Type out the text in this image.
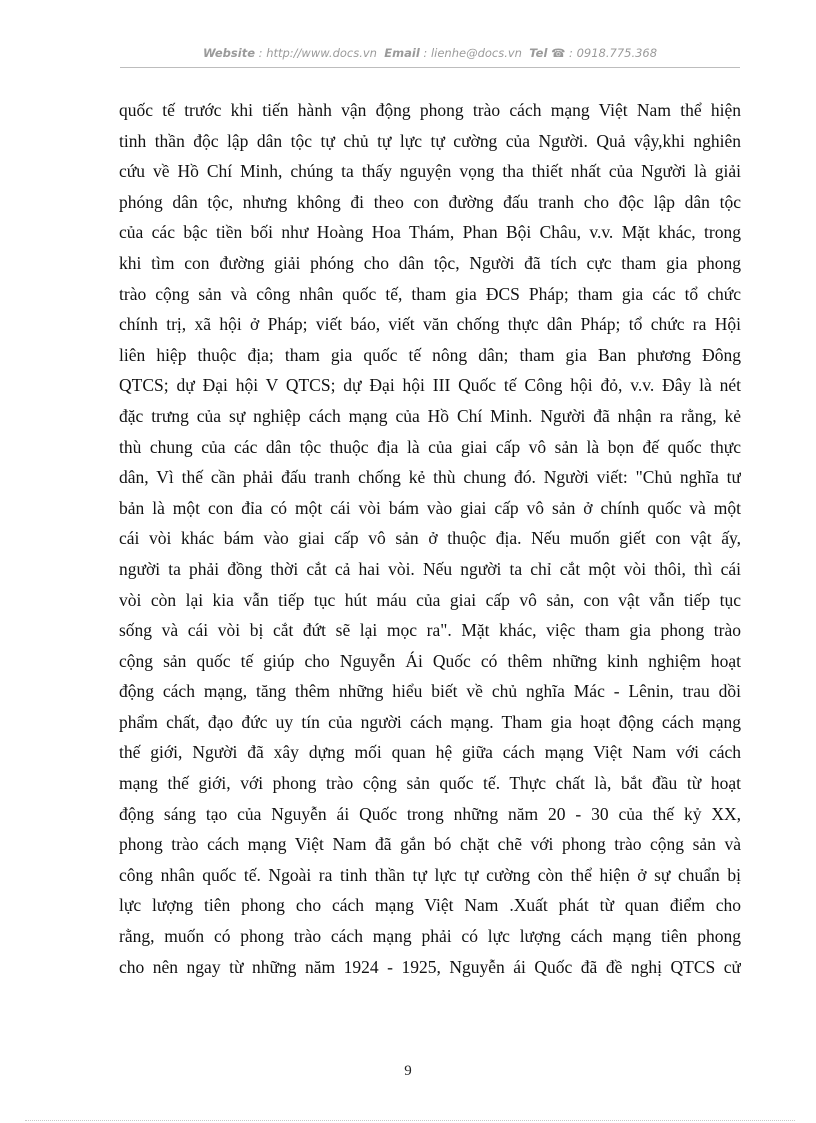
Website : http://www.docs.vn Email : lienhe@docs.vn Tel ☎ : 0918.775.368
quốc tế trước khi tiến hành vận động phong trào cách mạng Việt Nam thể hiện
tinh thần độc lập dân tộc tự chủ tự lực tự cường của Người. Quả vậy,khi nghiên
cứu về Hồ Chí Minh, chúng ta thấy nguyện vọng tha thiết nhất của Người là giải
phóng dân tộc, nhưng không đi theo con đường đấu tranh cho độc lập dân tộc
của các bậc tiền bối như Hoàng Hoa Thám, Phan Bội Châu, v.v. Mặt khác, trong
khi tìm con đường giải phóng cho dân tộc, Người đã tích cực tham gia phong
trào cộng sản và công nhân quốc tế, tham gia ĐCS Pháp; tham gia các tổ chức
chính trị, xã hội ở Pháp; viết báo, viết văn chống thực dân Pháp; tổ chức ra Hội
liên hiệp thuộc địa; tham gia quốc tế nông dân; tham gia Ban phương Đông
QTCS; dự Đại hội V QTCS; dự Đại hội III Quốc tế Công hội đỏ, v.v. Đây là nét
đặc trưng của sự nghiệp cách mạng của Hồ Chí Minh. Người đã nhận ra rằng, kẻ
thù chung của các dân tộc thuộc địa là của giai cấp vô sản là bọn đế quốc thực
dân, Vì thế cần phải đấu tranh chống kẻ thù chung đó. Người viết: "Chủ nghĩa tư
bản là một con đỉa có một cái vòi bám vào giai cấp vô sản ở chính quốc và một
cái vòi khác bám vào giai cấp vô sản ở thuộc địa. Nếu muốn giết con vật ấy,
người ta phải đồng thời cắt cả hai vòi. Nếu người ta chỉ cắt một vòi thôi, thì cái
vòi còn lại kia vẫn tiếp tục hút máu của giai cấp vô sản, con vật vẫn tiếp tục
sống và cái vòi bị cắt đứt sẽ lại mọc ra". Mặt khác, việc tham gia phong trào
cộng sản quốc tế giúp cho Nguyễn Ái Quốc có thêm những kinh nghiệm hoạt
động cách mạng, tăng thêm những hiểu biết về chủ nghĩa Mác - Lênin, trau dồi
phẩm chất, đạo đức uy tín của người cách mạng. Tham gia hoạt động cách mạng
thế giới, Người đã xây dựng mối quan hệ giữa cách mạng Việt Nam với cách
mạng thế giới, với phong trào cộng sản quốc tế. Thực chất là, bắt đầu từ hoạt
động sáng tạo của Nguyễn ái Quốc trong những năm 20 - 30 của thế kỷ XX,
phong trào cách mạng Việt Nam đã gắn bó chặt chẽ với phong trào cộng sản và
công nhân quốc tế. Ngoài ra tinh thần tự lực tự cường còn thể hiện ở sự chuẩn bị
lực lượng tiên phong cho cách mạng Việt Nam .Xuất phát từ quan điểm cho
rằng, muốn có phong trào cách mạng phải có lực lượng cách mạng tiên phong
cho nên ngay từ những năm 1924 - 1925, Nguyễn ái Quốc đã đề nghị QTCS cử
9
